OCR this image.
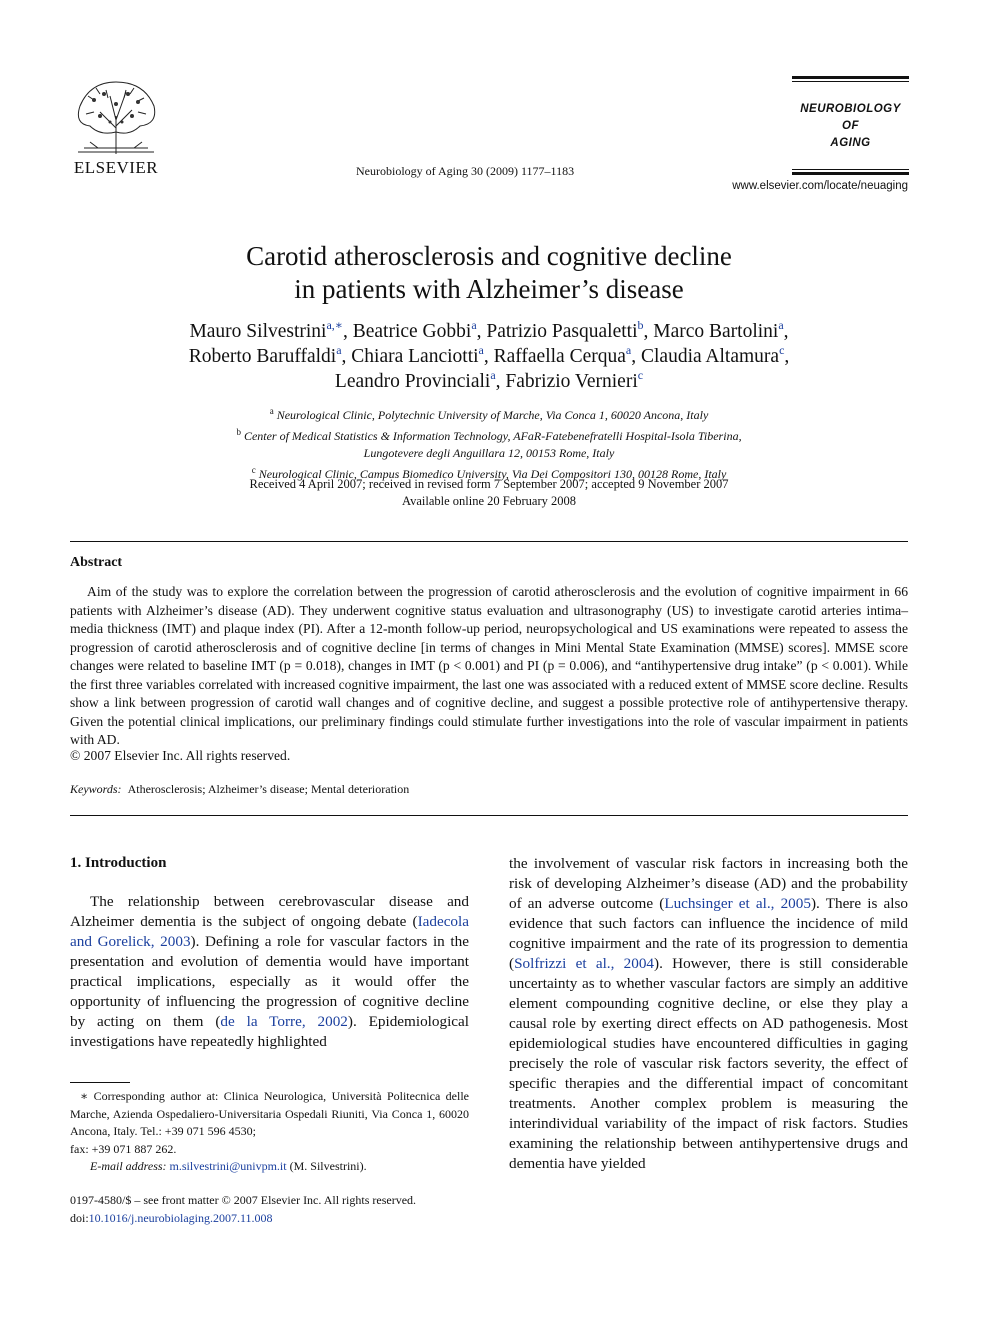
ELSEVIER	Neurobiology of Aging 30 (2009) 1177–1183
NEUROBIOLOGY
OF
AGING
www.elsevier.com/locate/neuaging
Carotid atherosclerosis and cognitive decline
in patients with Alzheimer’s disease
Mauro Silvestrini$^{a,∗}$, Beatrice Gobbi$^a$, Patrizio Pasqualetti$^b$, Marco Bartolini$^a$,
Roberto Baruffaldi$^a$, Chiara Lanciotti$^a$, Raffaella Cerqua$^a$, Claudia Altamura$^c$,
Leandro Provinciali$^a$, Fabrizio Vernieri$^c$
$^a$ Neurological Clinic, Polytechnic University of Marche, Via Conca 1, 60020 Ancona, Italy
$^b$ Center of Medical Statistics & Information Technology, AFaR-Fatebenefratelli Hospital-Isola Tiberina,
Lungotevere degli Anguillara 12, 00153 Rome, Italy
$^c$ Neurological Clinic, Campus Biomedico University, Via Dei Compositori 130, 00128 Rome, Italy
Received 4 April 2007; received in revised form 7 September 2007; accepted 9 November 2007
Available online 20 February 2008
Abstract

Aim of the study was to explore the correlation between the progression of carotid atherosclerosis and the evolution of cognitive impairment in 66 patients with Alzheimer’s disease (AD). They underwent cognitive status evaluation and ultrasonography (US) to investigate carotid arteries intima–media thickness (IMT) and plaque index (PI). After a 12-month follow-up period, neuropsychological and US examinations were repeated to assess the progression of carotid atherosclerosis and of cognitive decline [in terms of changes in Mini Mental State Examination (MMSE) scores]. MMSE score changes were related to baseline IMT (p = 0.018), changes in IMT (p < 0.001) and PI (p = 0.006), and “antihypertensive drug intake” (p < 0.001). While the first three variables correlated with increased cognitive impairment, the last one was associated with a reduced extent of MMSE score decline. Results show a link between progression of carotid wall changes and of cognitive decline, and suggest a possible protective role of antihypertensive therapy. Given the potential clinical implications, our preliminary findings could stimulate further investigations into the role of vascular impairment in patients with AD.

© 2007 Elsevier Inc. All rights reserved.
Keywords: Atherosclerosis; Alzheimer’s disease; Mental deterioration
1. Introduction

The relationship between cerebrovascular disease and Alzheimer dementia is the subject of ongoing debate (Iadecola and Gorelick, 2003). Defining a role for vascular factors in the presentation and evolution of dementia would have important practical implications, especially as it would offer the opportunity of influencing the progression of cognitive decline by acting on them (de la Torre, 2002). Epidemiological investigations have repeatedly highlighted

the involvement of vascular risk factors in increasing both the risk of developing Alzheimer’s disease (AD) and the probability of an adverse outcome (Luchsinger et al., 2005). There is also evidence that such factors can influence the incidence of mild cognitive impairment and the rate of its progression to dementia (Solfrizzi et al., 2004). However, there is still considerable uncertainty as to whether vascular factors are simply an additive element compounding cognitive decline, or else they play a causal role by exerting direct effects on AD pathogenesis. Most epidemiological studies have encountered difficulties in gaging precisely the role of vascular risk factors severity, the effect of specific therapies and the differential impact of concomitant treatments. Another complex problem is measuring the interindividual variability of the impact of risk factors. Studies examining the relationship between antihypertensive drugs and dementia have yielded

∗ Corresponding author at: Clinica Neurologica, Università Politecnica delle Marche, Azienda Ospedaliero-Universitaria Ospedali Riuniti, Via Conca 1, 60020 Ancona, Italy. Tel.: +39 071 596 4530;

fax: +39 071 887 262.

E-mail address: m.silvestrini@univpm.it (M. Silvestrini).

0197-4580/$ – see front matter © 2007 Elsevier Inc. All rights reserved.
doi:10.1016/j.neurobiolaging.2007.11.008
